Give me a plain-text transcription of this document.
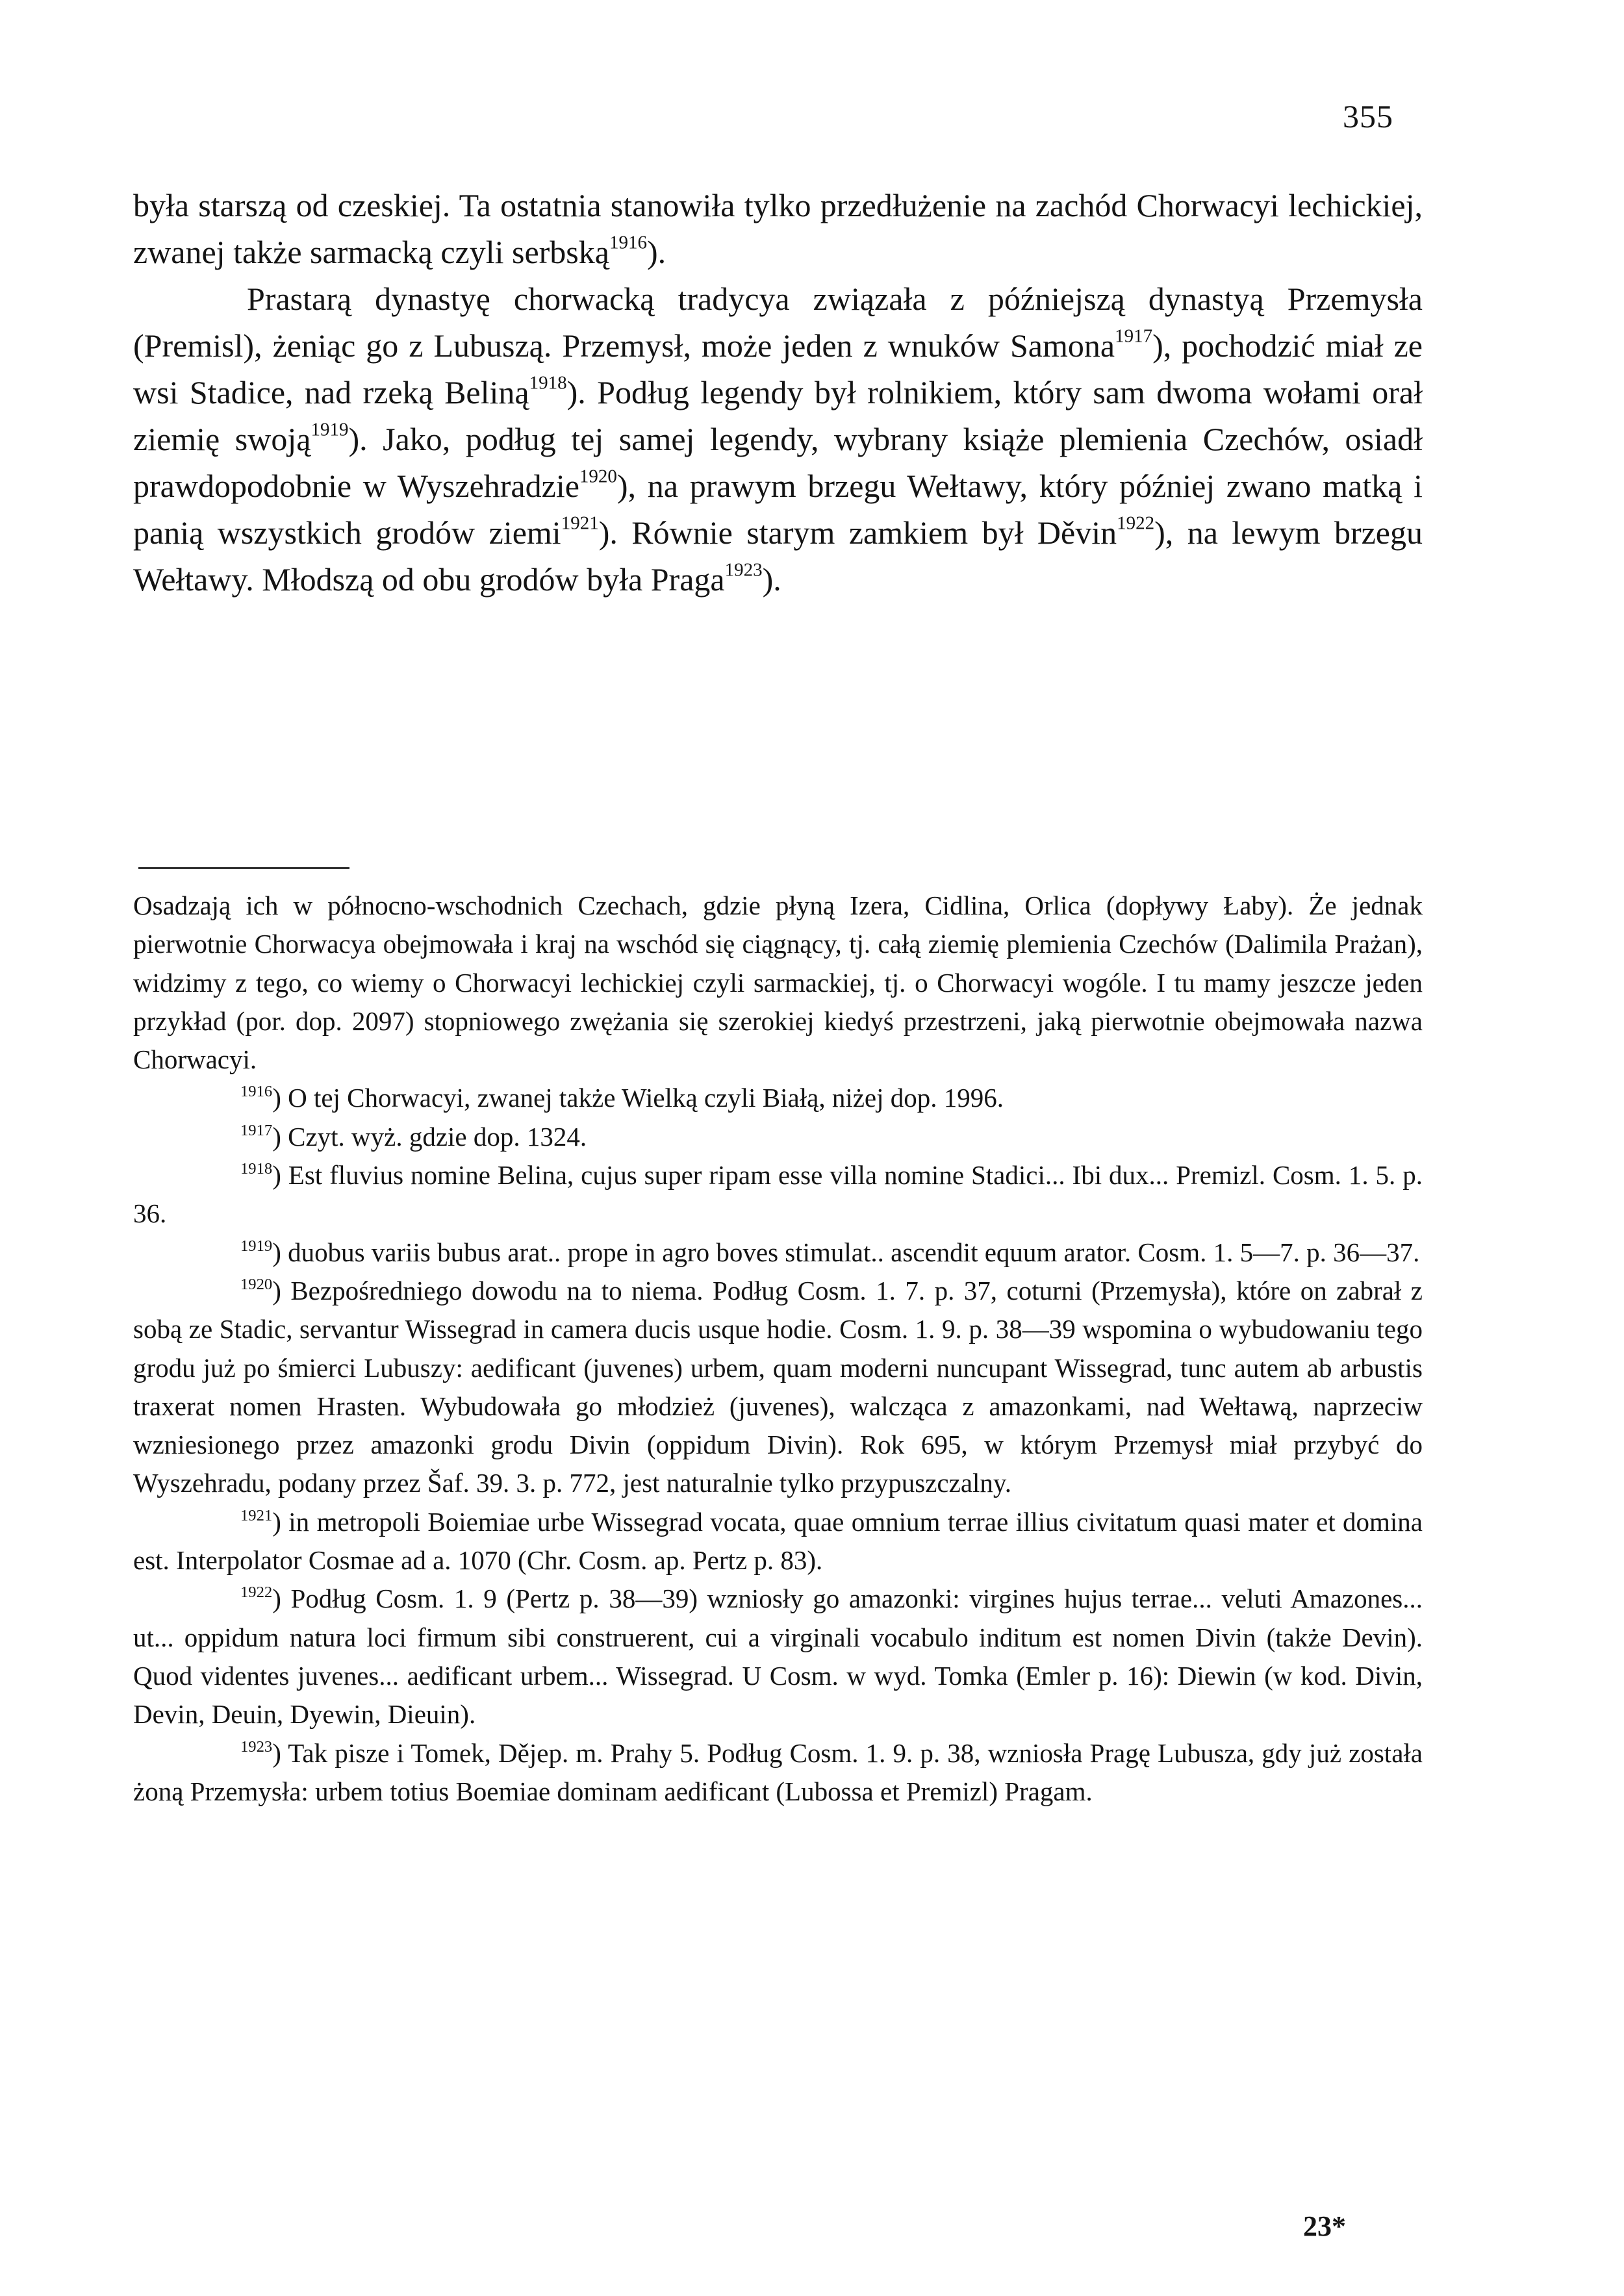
355

była starszą od czeskiej. Ta ostatnia stanowiła tylko przedłużenie na zachód Chorwacyi lechickiej, zwanej także sarmacką czyli serbską$^{1916}$).

Prastarą dynastyę chorwacką tradycya związała z późniejszą dynastyą Przemysła (Premisl), żeniąc go z Lubuszą. Przemysł, może jeden z wnuków Samona$^{1917}$), pochodzić miał ze wsi Stadice, nad rzeką Beliną$^{1918}$). Podług legendy był rolnikiem, który sam dwoma wołami orał ziemię swoją$^{1919}$). Jako, podług tej samej legendy, wybrany książe plemienia Czechów, osiadł prawdopodobnie w Wyszehradzie$^{1920}$), na prawym brzegu Wełtawy, który później zwano matką i panią wszystkich grodów ziemi$^{1921}$). Równie starym zamkiem był Děvin$^{1922}$), na lewym brzegu Wełtawy. Młodszą od obu grodów była Praga$^{1923}$).

Osadzają ich w północno-wschodnich Czechach, gdzie płyną Izera, Cidlina, Orlica (dopływy Łaby). Że jednak pierwotnie Chorwacya obejmowała i kraj na wschód się ciągnący, tj. całą ziemię plemienia Czechów (Dalimila Prażan), widzimy z tego, co wiemy o Chorwacyi lechickiej czyli sarmackiej, tj. o Chorwacyi wogóle. I tu mamy jeszcze jeden przykład (por. dop. 2097) stopniowego zwężania się szerokiej kiedyś przestrzeni, jaką pierwotnie obejmowała nazwa Chorwacyi.

$^{1916}$) O tej Chorwacyi, zwanej także Wielką czyli Białą, niżej dop. 1996.

$^{1917}$) Czyt. wyż. gdzie dop. 1324.

$^{1918}$) Est fluvius nomine Belina, cujus super ripam esse villa nomine Stadici... Ibi dux... Premizl. Cosm. 1. 5. p. 36.

$^{1919}$) duobus variis bubus arat.. prope in agro boves stimulat.. ascendit equum arator. Cosm. 1. 5—7. p. 36—37.

$^{1920}$) Bezpośredniego dowodu na to niema. Podług Cosm. 1. 7. p. 37, coturni (Przemysła), które on zabrał z sobą ze Stadic, servantur Wissegrad in camera ducis usque hodie. Cosm. 1. 9. p. 38—39 wspomina o wybudowaniu tego grodu już po śmierci Lubuszy: aedificant (juvenes) urbem, quam moderni nuncupant Wissegrad, tunc autem ab arbustis traxerat nomen Hrasten. Wybudowała go młodzież (juvenes), walcząca z amazonkami, nad Wełtawą, naprzeciw wzniesionego przez amazonki grodu Divin (oppidum Divin). Rok 695, w którym Przemysł miał przybyć do Wyszehradu, podany przez Šaf. 39. 3. p. 772, jest naturalnie tylko przypuszczalny.

$^{1921}$) in metropoli Boiemiae urbe Wissegrad vocata, quae omnium terrae illius civitatum quasi mater et domina est. Interpolator Cosmae ad a. 1070 (Chr. Cosm. ap. Pertz p. 83).

$^{1922}$) Podług Cosm. 1. 9 (Pertz p. 38—39) wzniosły go amazonki: virgines hujus terrae... veluti Amazones... ut... oppidum natura loci firmum sibi construerent, cui a virginali vocabulo inditum est nomen Divin (także Devin). Quod videntes juvenes... aedificant urbem... Wissegrad. U Cosm. w wyd. Tomka (Emler p. 16): Diewin (w kod. Divin, Devin, Deuin, Dyewin, Dieuin).

$^{1923}$) Tak pisze i Tomek, Dějep. m. Prahy 5. Podług Cosm. 1. 9. p. 38, wzniosła Pragę Lubusza, gdy już została żoną Przemysła: urbem totius Boemiae dominam aedificant (Lubossa et Premizl) Pragam.

23*
